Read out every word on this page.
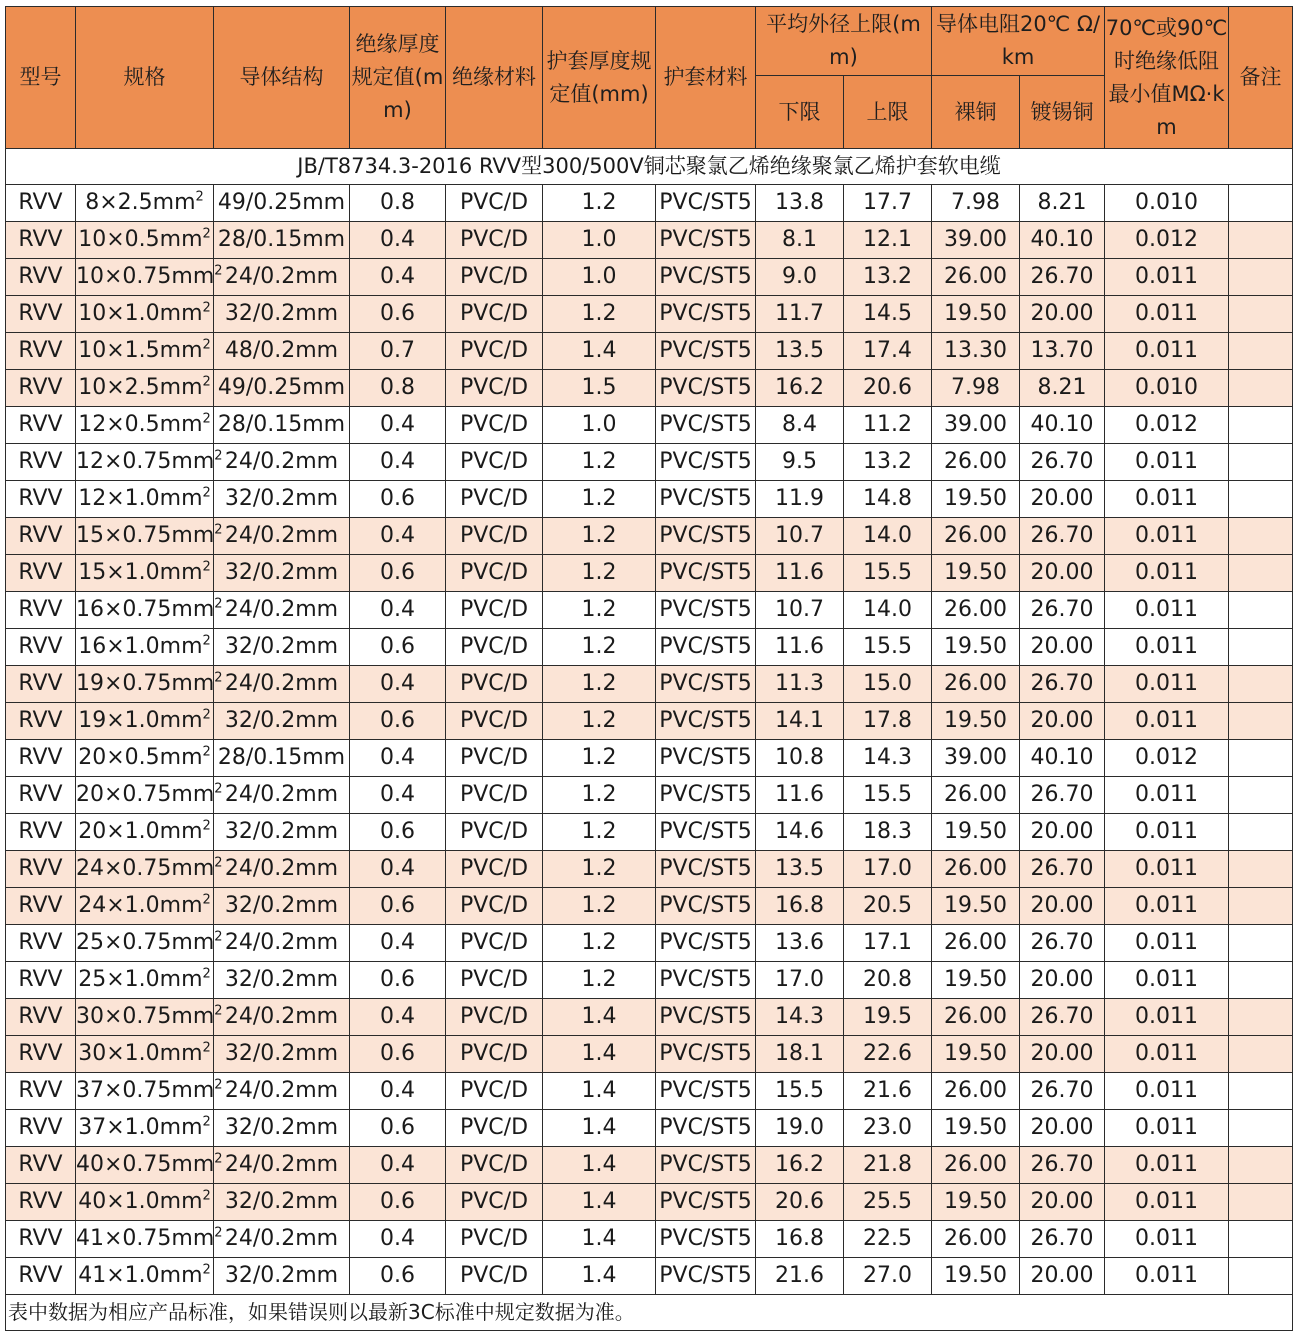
型号	规格	导体结构	绝缘厚度规定值(mm)	绝缘材料	护套厚度规定值(mm)	护套材料	平均外径上限(mm)		导体电阻20℃ Ω/km		70℃或90℃时绝缘低阻最小值MΩ·km	备注
							下限	上限	裸铜	镀锡铜		
JB/T8734.3-2016 RVV型300/500V铜芯聚氯乙烯绝缘聚氯乙烯护套软电缆												
RVV	$8\times 2.5mm^2$	49/0.25mm	0.8	PVC/D	1.2	PVC/ST5	13.8	17.7	7.98	8.21	0.010	
RVV	$10\times 0.5mm^2$	28/0.15mm	0.4	PVC/D	1.0	PVC/ST5	8.1	12.1	39.00	40.10	0.012	
RVV	$10\times 0.75mm^2$	24/0.2mm	0.4	PVC/D	1.0	PVC/ST5	9.0	13.2	26.00	26.70	0.011	
RVV	$10\times 1.0mm^2$	32/0.2mm	0.6	PVC/D	1.2	PVC/ST5	11.7	14.5	19.50	20.00	0.011	
RVV	$10\times 1.5mm^2$	48/0.2mm	0.7	PVC/D	1.4	PVC/ST5	13.5	17.4	13.30	13.70	0.011	
RVV	$10\times 2.5mm^2$	49/0.25mm	0.8	PVC/D	1.5	PVC/ST5	16.2	20.6	7.98	8.21	0.010	
RVV	$12\times 0.5mm^2$	28/0.15mm	0.4	PVC/D	1.0	PVC/ST5	8.4	11.2	39.00	40.10	0.012	
RVV	$12\times 0.75mm^2$	24/0.2mm	0.4	PVC/D	1.2	PVC/ST5	9.5	13.2	26.00	26.70	0.011	
RVV	$12\times 1.0mm^2$	32/0.2mm	0.6	PVC/D	1.2	PVC/ST5	11.9	14.8	19.50	20.00	0.011	
RVV	$15\times 0.75mm^2$	24/0.2mm	0.4	PVC/D	1.2	PVC/ST5	10.7	14.0	26.00	26.70	0.011	
RVV	$15\times 1.0mm^2$	32/0.2mm	0.6	PVC/D	1.2	PVC/ST5	11.6	15.5	19.50	20.00	0.011	
RVV	$16\times 0.75mm^2$	24/0.2mm	0.4	PVC/D	1.2	PVC/ST5	10.7	14.0	26.00	26.70	0.011	
RVV	$16\times 1.0mm^2$	32/0.2mm	0.6	PVC/D	1.2	PVC/ST5	11.6	15.5	19.50	20.00	0.011	
RVV	$19\times 0.75mm^2$	24/0.2mm	0.4	PVC/D	1.2	PVC/ST5	11.3	15.0	26.00	26.70	0.011	
RVV	$19\times 1.0mm^2$	32/0.2mm	0.6	PVC/D	1.2	PVC/ST5	14.1	17.8	19.50	20.00	0.011	
RVV	$20\times 0.5mm^2$	28/0.15mm	0.4	PVC/D	1.2	PVC/ST5	10.8	14.3	39.00	40.10	0.012	
RVV	$20\times 0.75mm^2$	24/0.2mm	0.4	PVC/D	1.2	PVC/ST5	11.6	15.5	26.00	26.70	0.011	
RVV	$20\times 1.0mm^2$	32/0.2mm	0.6	PVC/D	1.2	PVC/ST5	14.6	18.3	19.50	20.00	0.011	
RVV	$24\times 0.75mm^2$	24/0.2mm	0.4	PVC/D	1.2	PVC/ST5	13.5	17.0	26.00	26.70	0.011	
RVV	$24\times 1.0mm^2$	32/0.2mm	0.6	PVC/D	1.2	PVC/ST5	16.8	20.5	19.50	20.00	0.011	
RVV	$25\times 0.75mm^2$	24/0.2mm	0.4	PVC/D	1.2	PVC/ST5	13.6	17.1	26.00	26.70	0.011	
RVV	$25\times 1.0mm^2$	32/0.2mm	0.6	PVC/D	1.2	PVC/ST5	17.0	20.8	19.50	20.00	0.011	
RVV	$30\times 0.75mm^2$	24/0.2mm	0.4	PVC/D	1.4	PVC/ST5	14.3	19.5	26.00	26.70	0.011	
RVV	$30\times 1.0mm^2$	32/0.2mm	0.6	PVC/D	1.4	PVC/ST5	18.1	22.6	19.50	20.00	0.011	
RVV	$37\times 0.75mm^2$	24/0.2mm	0.4	PVC/D	1.4	PVC/ST5	15.5	21.6	26.00	26.70	0.011	
RVV	$37\times 1.0mm^2$	32/0.2mm	0.6	PVC/D	1.4	PVC/ST5	19.0	23.0	19.50	20.00	0.011	
RVV	$40\times 0.75mm^2$	24/0.2mm	0.4	PVC/D	1.4	PVC/ST5	16.2	21.8	26.00	26.70	0.011	
RVV	$40\times 1.0mm^2$	32/0.2mm	0.6	PVC/D	1.4	PVC/ST5	20.6	25.5	19.50	20.00	0.011	
RVV	$41\times 0.75mm^2$	24/0.2mm	0.4	PVC/D	1.4	PVC/ST5	16.8	22.5	26.00	26.70	0.011	
RVV	$41\times 1.0mm^2$	32/0.2mm	0.6	PVC/D	1.4	PVC/ST5	21.6	27.0	19.50	20.00	0.011	
表中数据为相应产品标准，如果错误则以最新3C标准中规定数据为准。												
